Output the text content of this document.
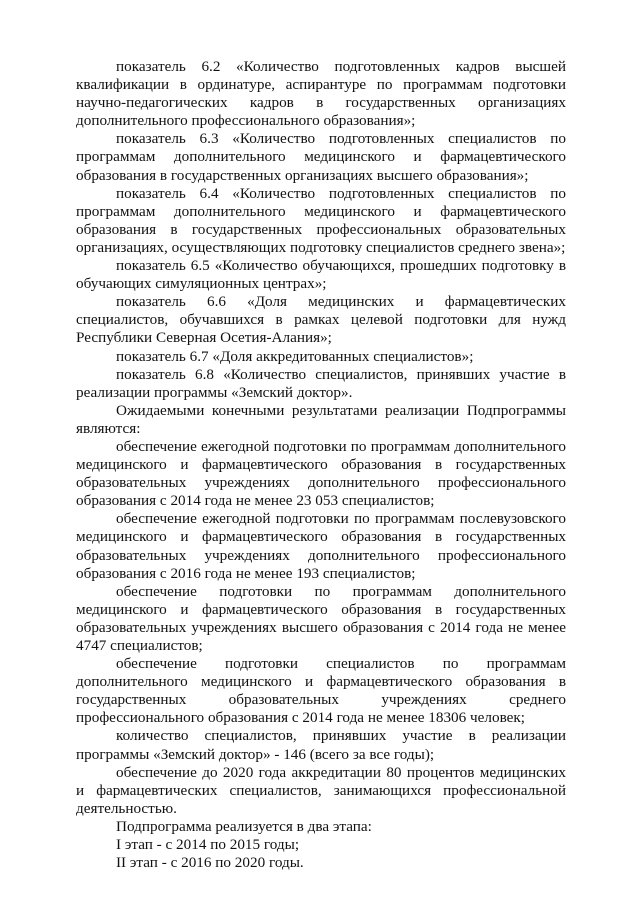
показатель 6.2 «Количество подготовленных кадров высшей квалификации в ординатуре, аспирантуре по программам подготовки научно-педагогических кадров в государственных организациях дополнительного профессионального образования»;

показатель 6.3 «Количество подготовленных специалистов по программам дополнительного медицинского и фармацевтического образования в государственных организациях высшего образования»;

показатель 6.4 «Количество подготовленных специалистов по программам дополнительного медицинского и фармацевтического образования в государственных профессиональных образовательных организациях, осуществляющих подготовку специалистов среднего звена»;

показатель 6.5 «Количество обучающихся, прошедших подготовку в обучающих симуляционных центрах»;

показатель 6.6 «Доля медицинских и фармацевтических специалистов, обучавшихся в рамках целевой подготовки для нужд Республики Северная Осетия-Алания»;

показатель 6.7 «Доля аккредитованных специалистов»;

показатель 6.8 «Количество специалистов, принявших участие в реализации программы «Земский доктор».

Ожидаемыми конечными результатами реализации Подпрограммы являются:

обеспечение ежегодной подготовки по программам дополнительного медицинского и фармацевтического образования в государственных образовательных учреждениях дополнительного профессионального образования с 2014 года не менее 23 053 специалистов;

обеспечение ежегодной подготовки по программам послевузовского медицинского и фармацевтического образования в государственных образовательных учреждениях дополнительного профессионального образования с 2016 года не менее 193 специалистов;

обеспечение подготовки по программам дополнительного медицинского и фармацевтического образования в государственных образовательных учреждениях высшего образования с 2014 года не менее 4747 специалистов;

обеспечение подготовки специалистов по программам дополнительного медицинского и фармацевтического образования в государственных образовательных учреждениях среднего профессионального образования с 2014 года не менее 18306 человек;

количество специалистов, принявших участие в реализации программы «Земский доктор» - 146 (всего за все годы);

обеспечение до 2020 года аккредитации 80 процентов медицинских и фармацевтических специалистов, занимающихся профессиональной деятельностью.

Подпрограмма реализуется в два этапа:

I этап - с 2014 по 2015 годы;

II этап - с 2016 по 2020 годы.
